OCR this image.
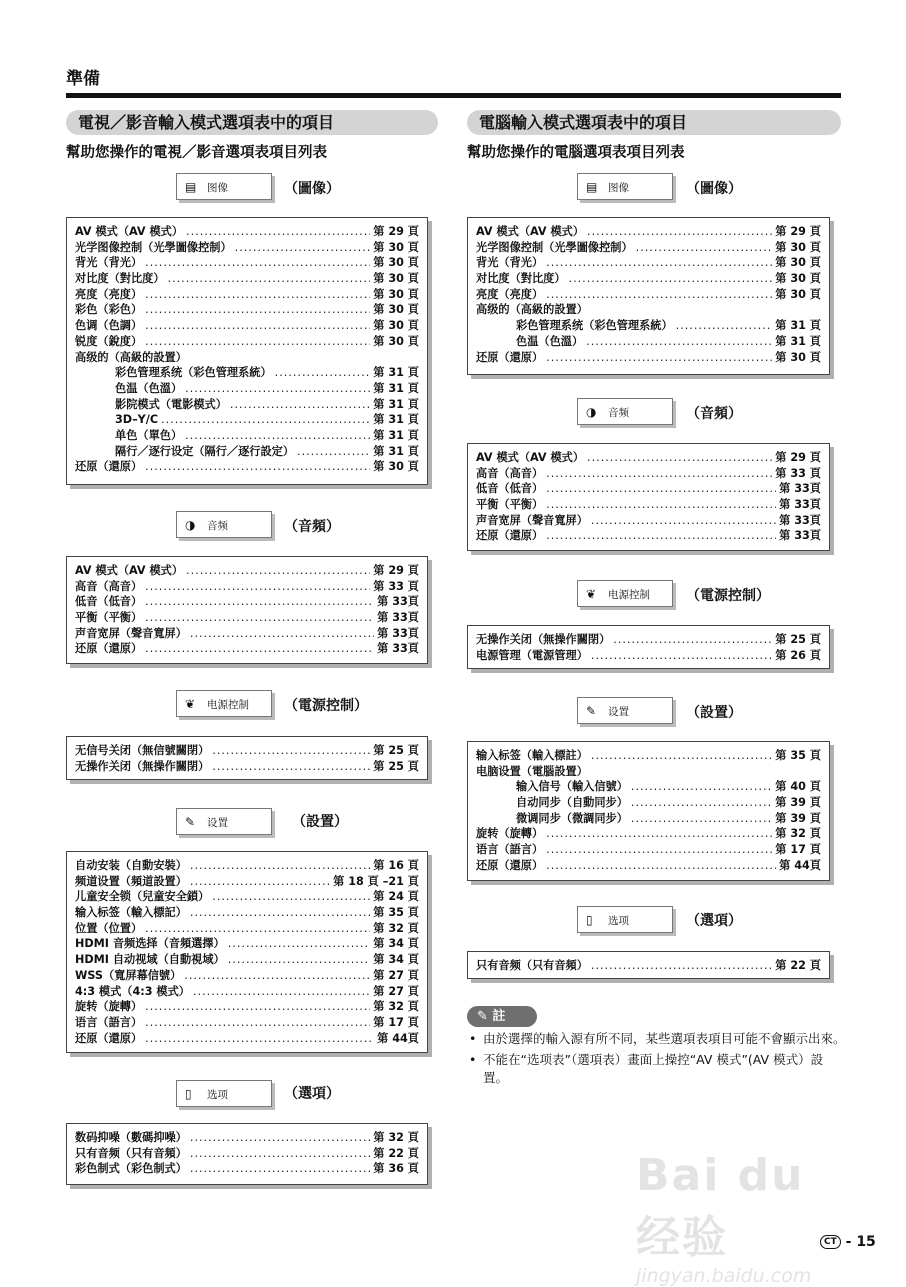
準備
電視／影音輸入模式選項表中的項目
幫助您操作的電視／影音選項表項目列表
▤ 图像	（圖像）
AV 模式（AV 模式） .....	第 29 頁
光学图像控制（光學圖像控制） .....	第 30 頁
背光（背光） .....	第 30 頁
对比度（對比度） .....	第 30 頁
亮度（亮度） .....	第 30 頁
彩色（彩色） .....	第 30 頁
色调（色調） .....	第 30 頁
锐度（銳度） .....	第 30 頁
高级的（高級的設置）
彩色管理系统（彩色管理系統） .....	第 31 頁
色温（色溫） .....	第 31 頁
影院模式（電影模式） .....	第 31 頁
3D–Y/C .....	第 31 頁
单色（單色） .....	第 31 頁
隔行／逐行设定（隔行／逐行設定） .....	第 31 頁
还原（還原） .....	第 30 頁
◑ 音频	（音頻）
AV 模式（AV 模式） .....	第 29 頁
高音（高音） .....	第 33 頁
低音（低音） .....	第 33頁
平衡（平衡） .....	第 33頁
声音宽屏（聲音寬屏） .....	第 33頁
还原（還原） .....	第 33頁
❦ 电源控制	（電源控制）
无信号关闭（無信號關閉） .....	第 25 頁
无操作关闭（無操作關閉） .....	第 25 頁
✎ 设置	（設置）
自动安装（自動安裝） .....	第 16 頁
频道设置（頻道設置） .....	第 18 頁 –21 頁
儿童安全锁（兒童安全鎖） .....	第 24 頁
输入标签（輸入標記） .....	第 35 頁
位置（位置） .....	第 32 頁
HDMI 音频选择（音頻選擇） .....	第 34 頁
HDMI 自动视域（自動視域） .....	第 34 頁
WSS（寬屏幕信號） .....	第 27 頁
4:3 模式（4:3 模式） .....	第 27 頁
旋转（旋轉） .....	第 32 頁
语言（語言） .....	第 17 頁
还原（還原） .....	第 44頁
▯ 选项	（選項）
数码抑噪（數碼抑噪） .....	第 32 頁
只有音频（只有音頻） .....	第 22 頁
彩色制式（彩色制式） .....	第 36 頁
電腦輸入模式選項表中的項目
幫助您操作的電腦選項表項目列表
▤ 图像	（圖像）
AV 模式（AV 模式） .....	第 29 頁
光学图像控制（光學圖像控制） .....	第 30 頁
背光（背光） .....	第 30 頁
对比度（對比度） .....	第 30 頁
亮度（亮度） .....	第 30 頁
高级的（高級的設置）
彩色管理系统（彩色管理系統） .....	第 31 頁
色温（色溫） .....	第 31 頁
还原（還原） .....	第 30 頁
◑ 音频	（音頻）
AV 模式（AV 模式） .....	第 29 頁
高音（高音） .....	第 33 頁
低音（低音） .....	第 33頁
平衡（平衡） .....	第 33頁
声音宽屏（聲音寬屏） .....	第 33頁
还原（還原） .....	第 33頁
❦ 电源控制	（電源控制）
无操作关闭（無操作關閉） .....	第 25 頁
电源管理（電源管理） .....	第 26 頁
✎ 设置	（設置）
输入标签（輸入標註） .....	第 35 頁
电脑设置（電腦設置）
输入信号（輸入信號） .....	第 40 頁
自动同步（自動同步） .....	第 39 頁
微调同步（微調同步） .....	第 39 頁
旋转（旋轉） .....	第 32 頁
语言（語言） .....	第 17 頁
还原（還原） .....	第 44頁
▯ 选项	（選項）
只有音频（只有音頻） .....	第 22 頁
✎ 註
• 由於選擇的輸入源有所不同，某些選項表項目可能不會顯示出來。
• 不能在“选项表”（選項表）畫面上操控“AV 模式”(AV 模式）設置。
Bai du 经验
jingyan.baidu.com
CT - 15
